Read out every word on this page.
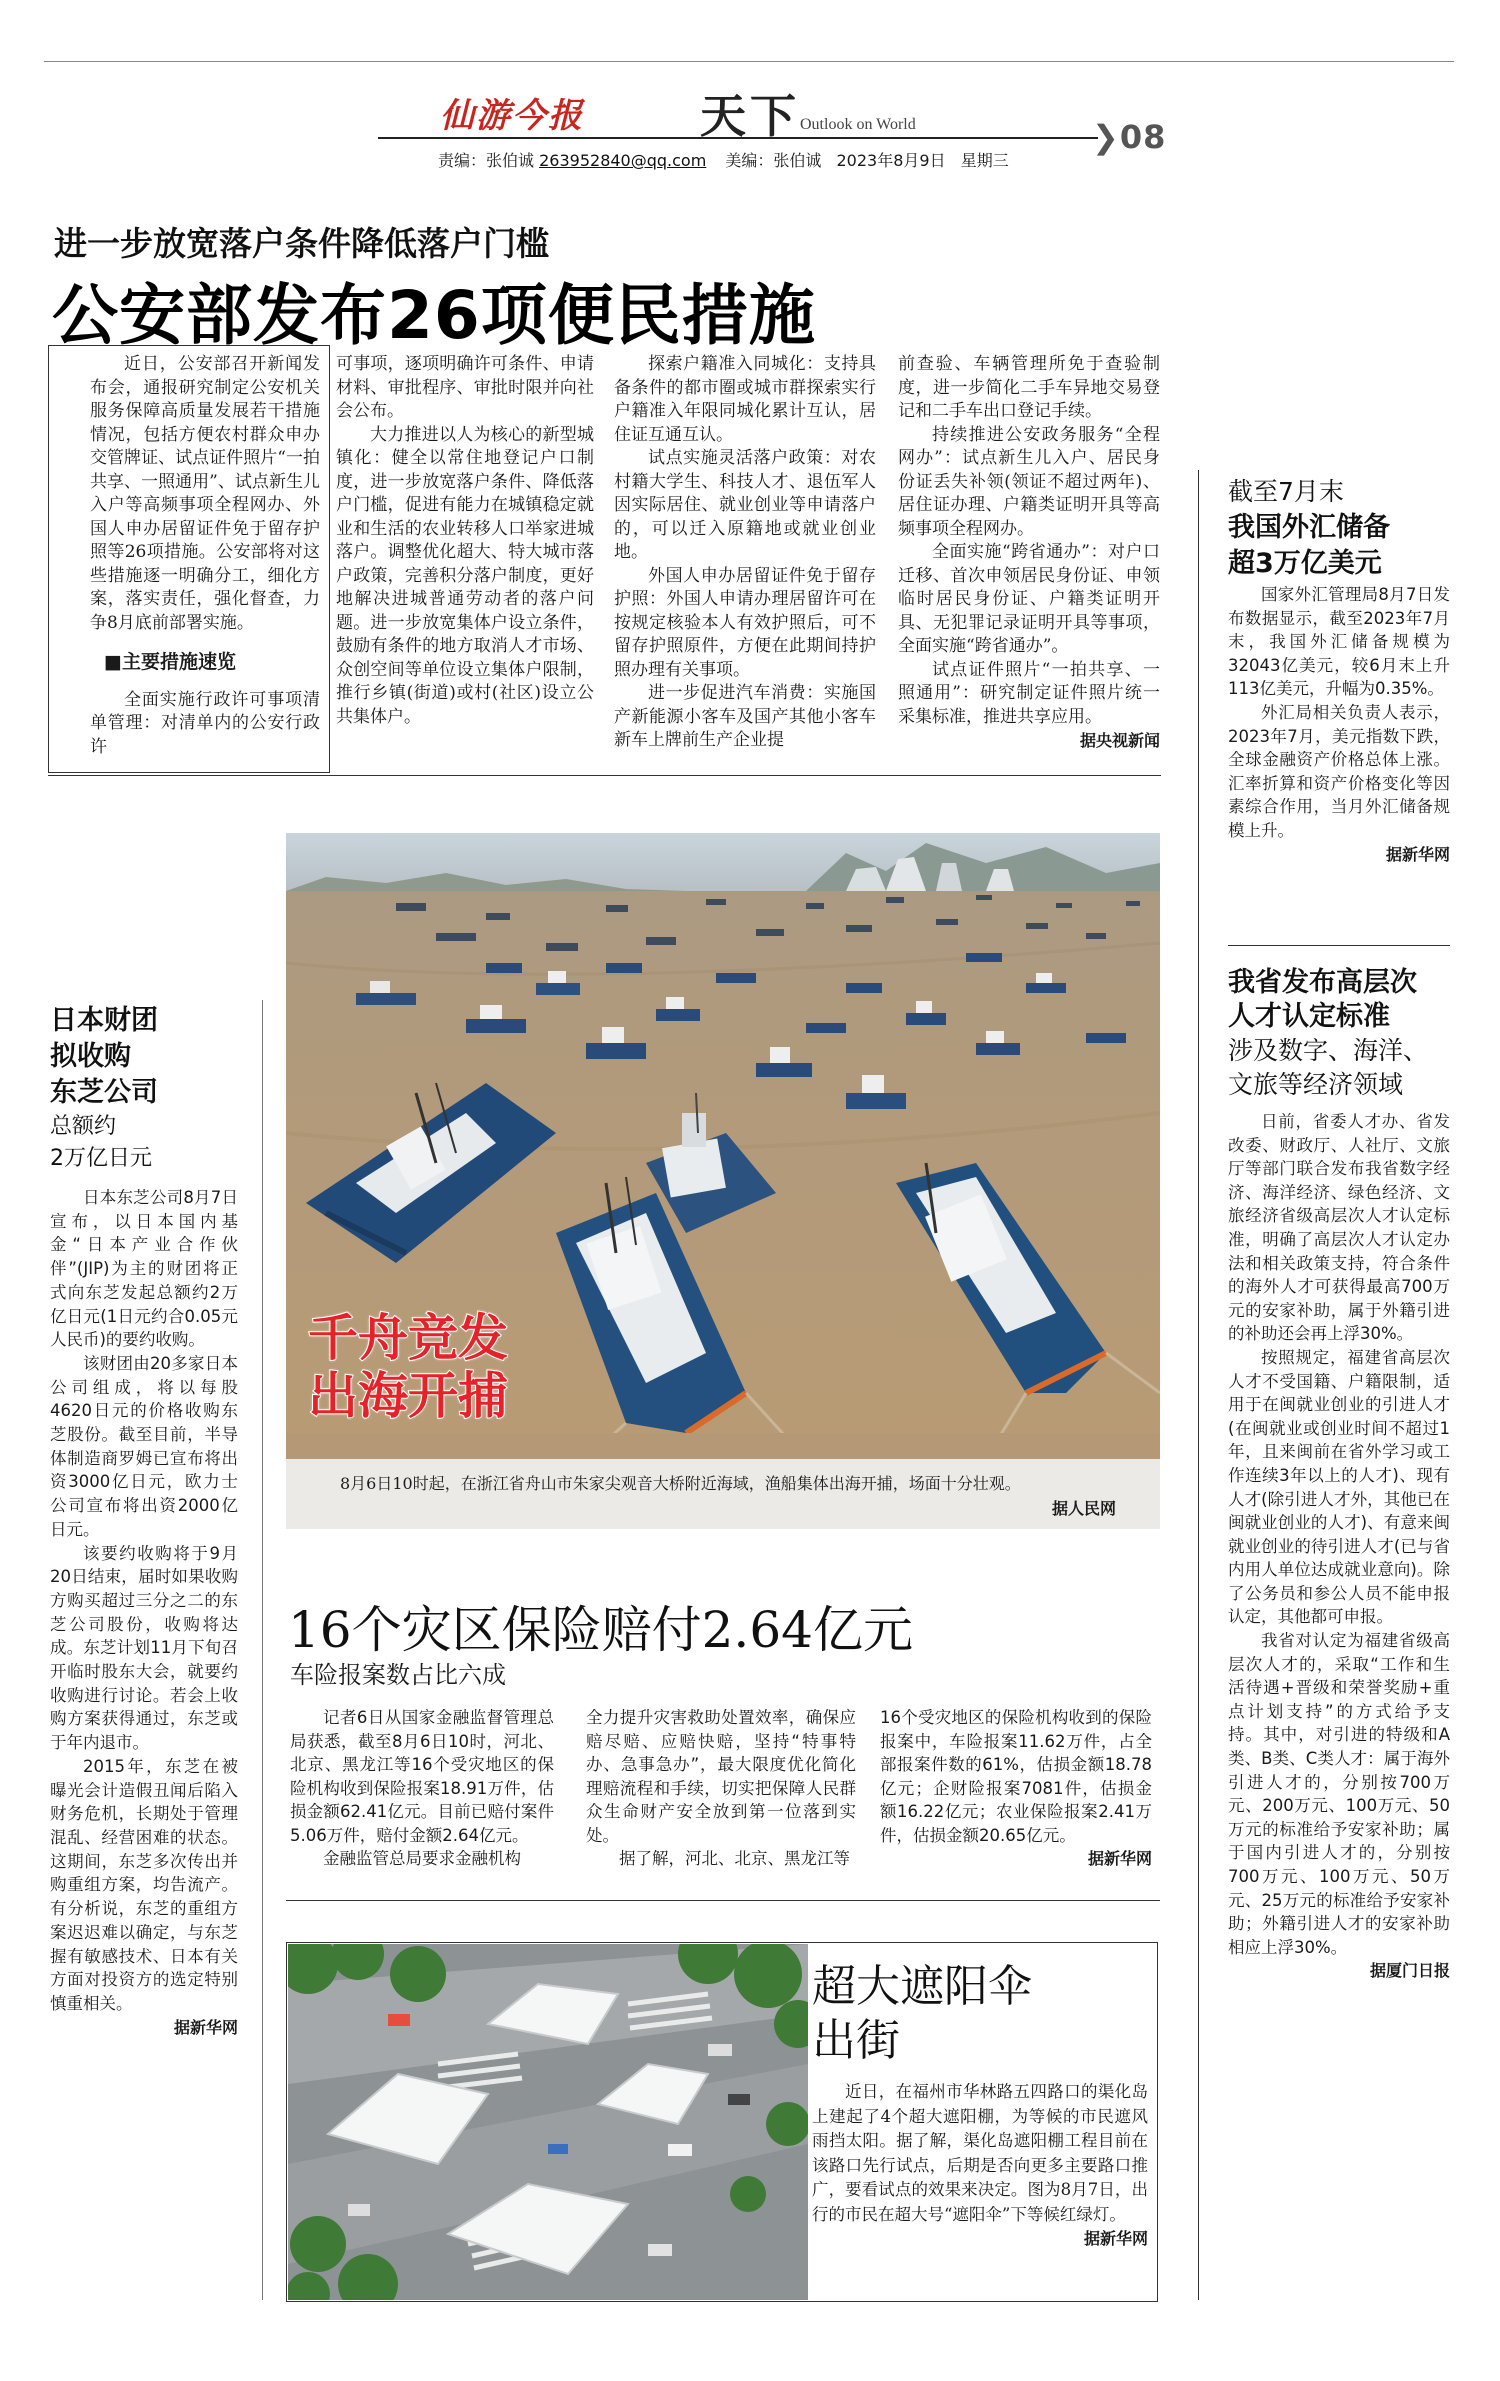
仙游今报	天下 Outlook on World	❯08
责编：张伯诚 263952840@qq.com 美编：张伯诚 2023年8月9日 星期三
进一步放宽落户条件降低落户门槛
公安部发布26项便民措施

近日，公安部召开新闻发布会，通报研究制定公安机关服务保障高质量发展若干措施情况，包括方便农村群众申办交管牌证、试点证件照片“一拍共享、一照通用”、试点新生儿入户等高频事项全程网办、外国人申办居留证件免于留存护照等26项措施。公安部将对这些措施逐一明确分工，细化方案，落实责任，强化督查，力争8月底前部署实施。

■主要措施速览

全面实施行政许可事项清单管理：对清单内的公安行政许

可事项，逐项明确许可条件、申请材料、审批程序、审批时限并向社会公布。

大力推进以人为核心的新型城镇化：健全以常住地登记户口制度，进一步放宽落户条件、降低落户门槛，促进有能力在城镇稳定就业和生活的农业转移人口举家进城落户。调整优化超大、特大城市落户政策，完善积分落户制度，更好地解决进城普通劳动者的落户问题。进一步放宽集体户设立条件，鼓励有条件的地方取消人才市场、众创空间等单位设立集体户限制，推行乡镇(街道)或村(社区)设立公共集体户。

探索户籍准入同城化：支持具备条件的都市圈或城市群探索实行户籍准入年限同城化累计互认，居住证互通互认。

试点实施灵活落户政策：对农村籍大学生、科技人才、退伍军人因实际居住、就业创业等申请落户的，可以迁入原籍地或就业创业地。

外国人申办居留证件免于留存护照：外国人申请办理居留许可在按规定核验本人有效护照后，可不留存护照原件，方便在此期间持护照办理有关事项。

进一步促进汽车消费：实施国产新能源小客车及国产其他小客车新车上牌前生产企业提

前查验、车辆管理所免于查验制度，进一步简化二手车异地交易登记和二手车出口登记手续。

持续推进公安政务服务“全程网办”：试点新生儿入户、居民身份证丢失补领(领证不超过两年)、居住证办理、户籍类证明开具等高频事项全程网办。

全面实施“跨省通办”：对户口迁移、首次申领居民身份证、申领临时居民身份证、户籍类证明开具、无犯罪记录证明开具等事项，全面实施“跨省通办”。

试点证件照片“一拍共享、一照通用”：研究制定证件照片统一采集标准，推进共享应用。

据央视新闻
截至7月末
我国外汇储备
超3万亿美元

国家外汇管理局8月7日发布数据显示，截至2023年7月末，我国外汇储备规模为32043亿美元，较6月末上升113亿美元，升幅为0.35%。

外汇局相关负责人表示，2023年7月，美元指数下跌，全球金融资产价格总体上涨。汇率折算和资产价格变化等因素综合作用，当月外汇储备规模上升。

据新华网
我省发布高层次
人才认定标准
涉及数字、海洋、
文旅等经济领域

日前，省委人才办、省发改委、财政厅、人社厅、文旅厅等部门联合发布我省数字经济、海洋经济、绿色经济、文旅经济省级高层次人才认定标准，明确了高层次人才认定办法和相关政策支持，符合条件的海外人才可获得最高700万元的安家补助，属于外籍引进的补助还会再上浮30%。

按照规定，福建省高层次人才不受国籍、户籍限制，适用于在闽就业创业的引进人才(在闽就业或创业时间不超过1年，且来闽前在省外学习或工作连续3年以上的人才)、现有人才(除引进人才外，其他已在闽就业创业的人才)、有意来闽就业创业的待引进人才(已与省内用人单位达成就业意向)。除了公务员和参公人员不能申报认定，其他都可申报。

我省对认定为福建省级高层次人才的，采取“工作和生活待遇+晋级和荣誉奖励+重点计划支持”的方式给予支持。其中，对引进的特级和A类、B类、C类人才：属于海外引进人才的，分别按700万元、200万元、100万元、50万元的标准给予安家补助；属于国内引进人才的，分别按700万元、100万元、50万元、25万元的标准给予安家补助；外籍引进人才的安家补助相应上浮30%。

据厦门日报
千舟竞发
出海开捕
8月6日10时起，在浙江省舟山市朱家尖观音大桥附近海域，渔船集体出海开捕，场面十分壮观。
据人民网
日本财团
拟收购
东芝公司
总额约
2万亿日元

日本东芝公司8月7日宣布，以日本国内基金“日本产业合作伙伴”(JIP)为主的财团将正式向东芝发起总额约2万亿日元(1日元约合0.05元人民币)的要约收购。

该财团由20多家日本公司组成，将以每股4620日元的价格收购东芝股份。截至目前，半导体制造商罗姆已宣布将出资3000亿日元，欧力士公司宣布将出资2000亿日元。

该要约收购将于9月20日结束，届时如果收购方购买超过三分之二的东芝公司股份，收购将达成。东芝计划11月下旬召开临时股东大会，就要约收购进行讨论。若会上收购方案获得通过，东芝或于年内退市。

2015年，东芝在被曝光会计造假丑闻后陷入财务危机，长期处于管理混乱、经营困难的状态。这期间，东芝多次传出并购重组方案，均告流产。有分析说，东芝的重组方案迟迟难以确定，与东芝握有敏感技术、日本有关方面对投资方的选定特别慎重相关。

据新华网
16个灾区保险赔付2.64亿元
车险报案数占比六成

记者6日从国家金融监督管理总局获悉，截至8月6日10时，河北、北京、黑龙江等16个受灾地区的保险机构收到保险报案18.91万件，估损金额62.41亿元。目前已赔付案件5.06万件，赔付金额2.64亿元。

金融监管总局要求金融机构

全力提升灾害救助处置效率，确保应赔尽赔、应赔快赔，坚持“特事特办、急事急办”，最大限度优化简化理赔流程和手续，切实把保障人民群众生命财产安全放到第一位落到实处。

据了解，河北、北京、黑龙江等

16个受灾地区的保险机构收到的保险报案中，车险报案11.62万件，占全部报案件数的61%，估损金额18.78亿元；企财险报案7081件，估损金额16.22亿元；农业保险报案2.41万件，估损金额20.65亿元。

据新华网
超大遮阳伞
出街

近日，在福州市华林路五四路口的渠化岛上建起了4个超大遮阳棚，为等候的市民遮风雨挡太阳。据了解，渠化岛遮阳棚工程目前在该路口先行试点，后期是否向更多主要路口推广，要看试点的效果来决定。图为8月7日，出行的市民在超大号“遮阳伞”下等候红绿灯。

据新华网
